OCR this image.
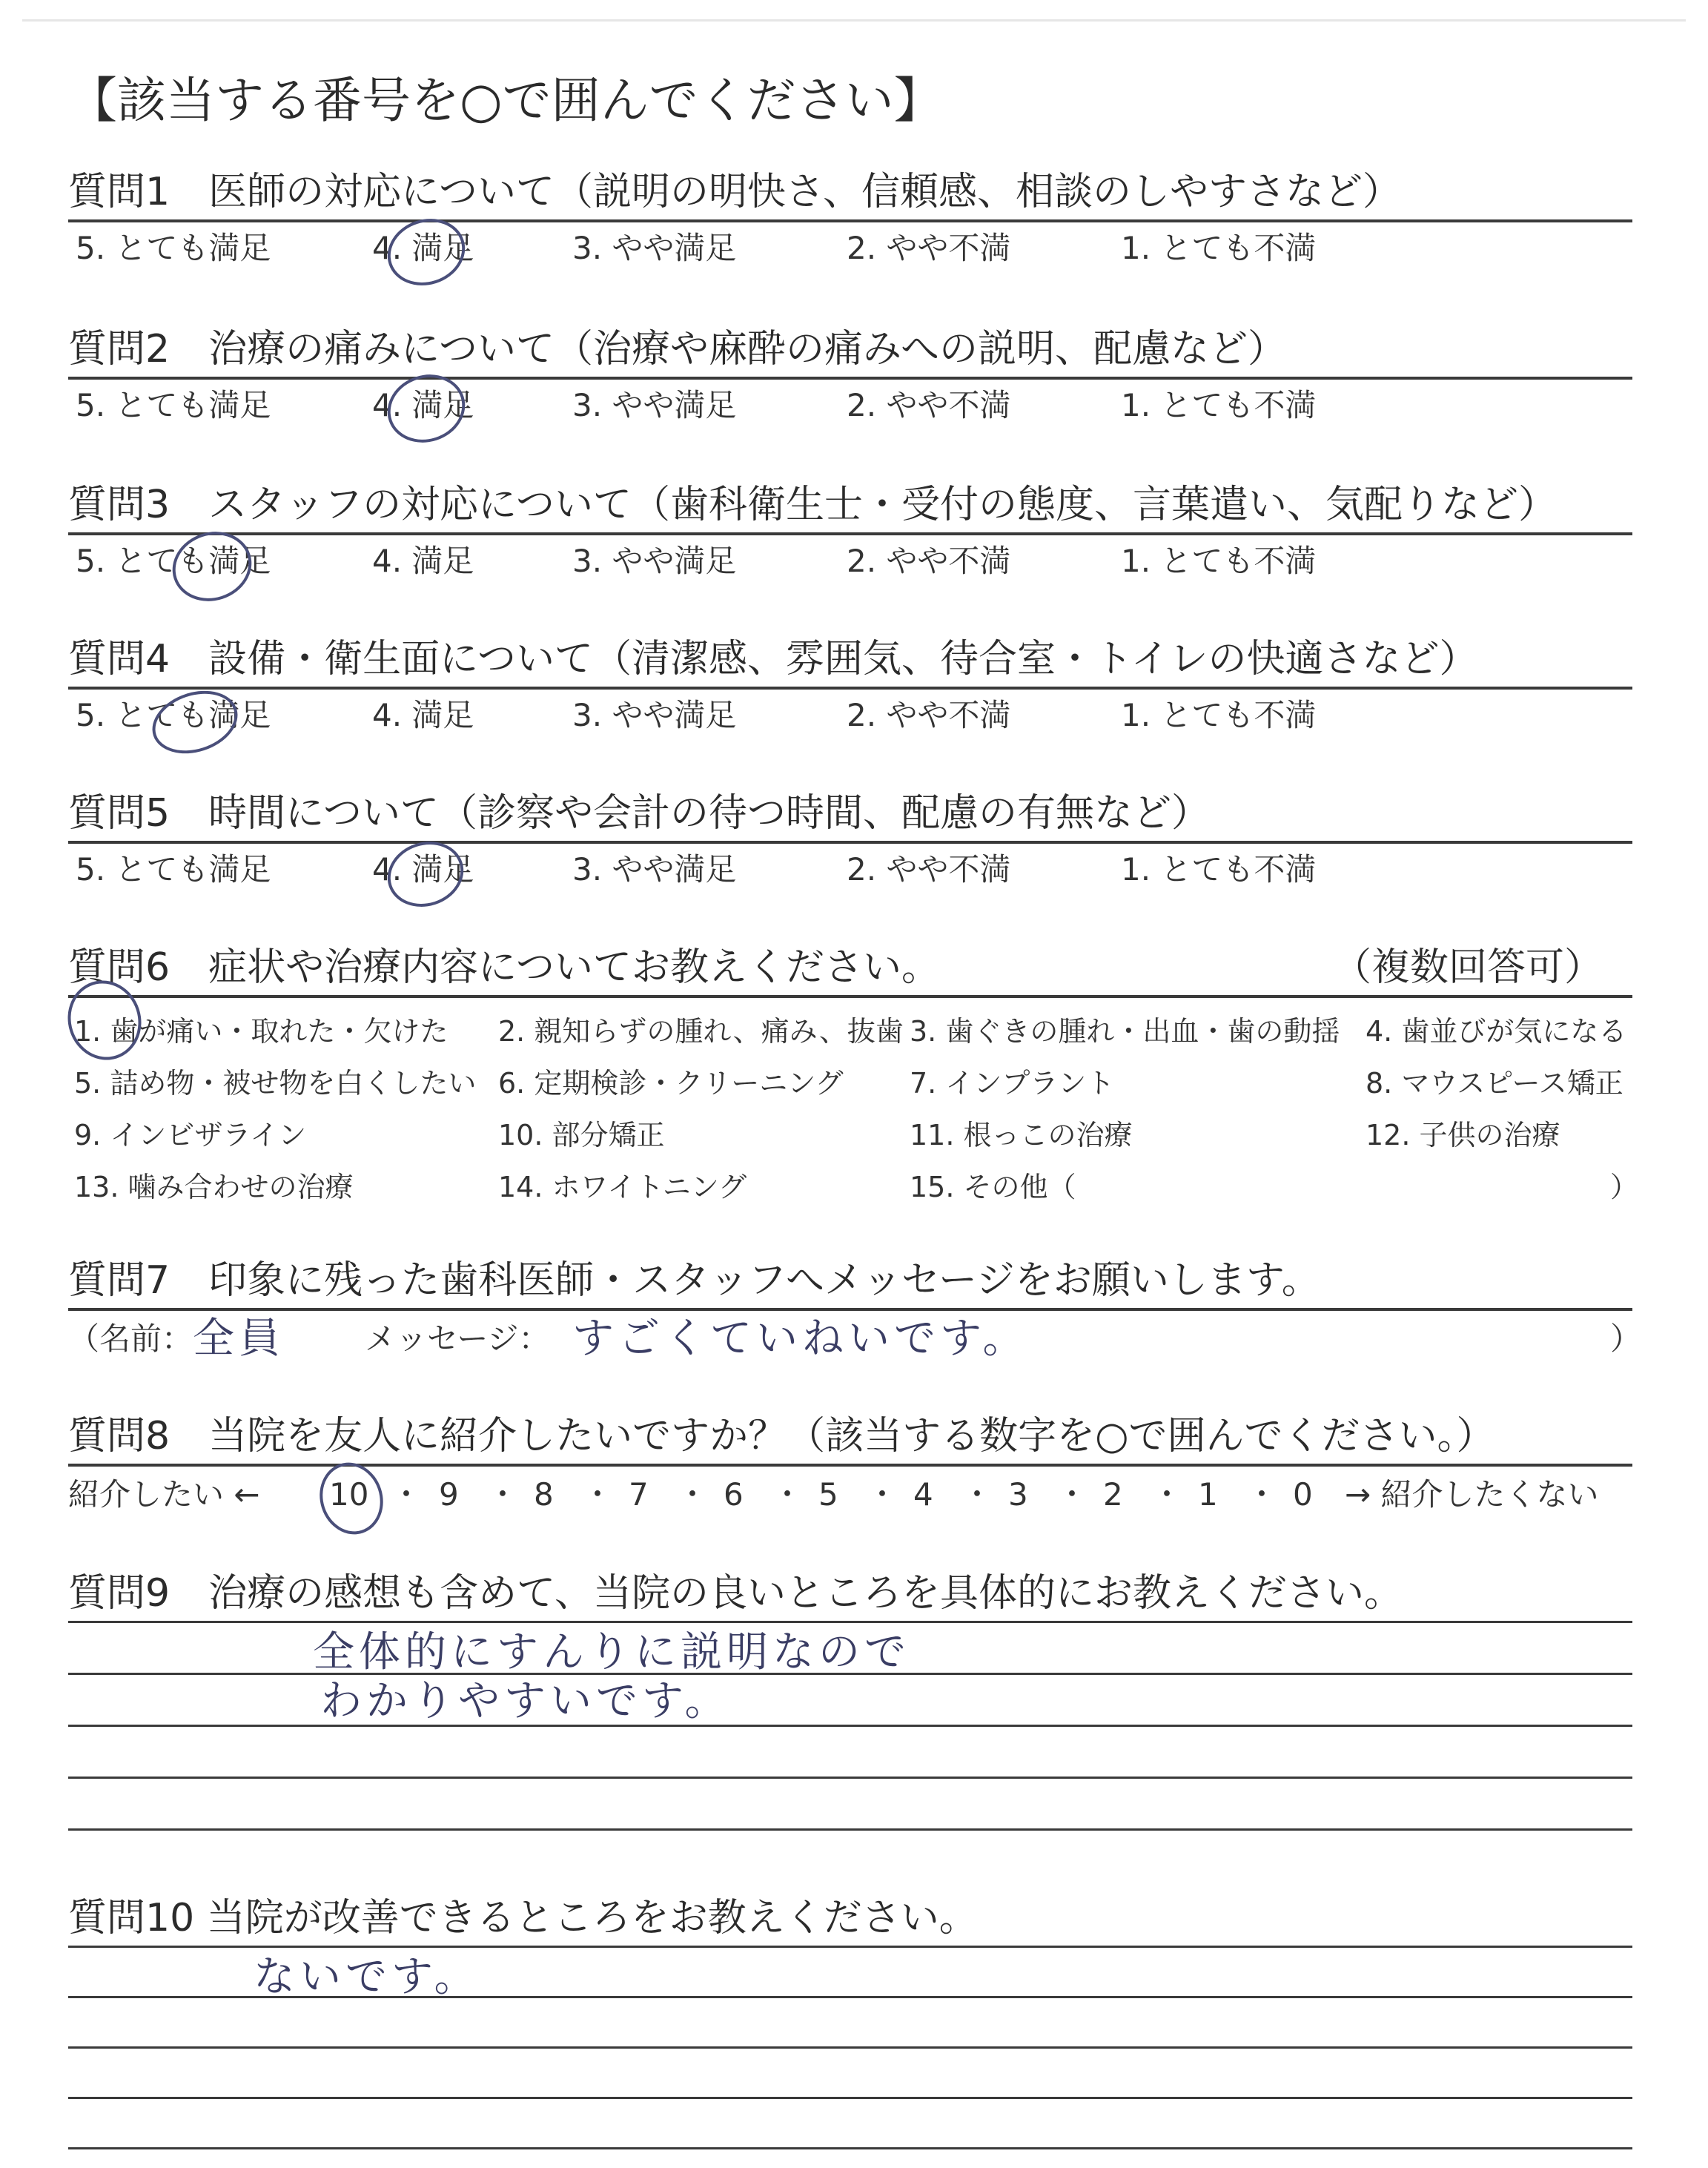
【該当する番号を○で囲んでください】
質問1　医師の対応について（説明の明快さ、信頼感、相談のしやすさなど）
5. とても満足	4. 満足	3. やや満足	2. やや不満	1. とても不満
質問2　治療の痛みについて（治療や麻酔の痛みへの説明、配慮など）
5. とても満足	4. 満足	3. やや満足	2. やや不満	1. とても不満
質問3　スタッフの対応について（歯科衛生士・受付の態度、言葉遣い、気配りなど）
5. とても満足	4. 満足	3. やや満足	2. やや不満	1. とても不満
質問4　設備・衛生面について（清潔感、雰囲気、待合室・トイレの快適さなど）
5. とても満足	4. 満足	3. やや満足	2. やや不満	1. とても不満
質問5　時間について（診察や会計の待つ時間、配慮の有無など）
5. とても満足	4. 満足	3. やや満足	2. やや不満	1. とても不満
質問6　症状や治療内容についてお教えください。	（複数回答可）
1. 歯が痛い・取れた・欠けた 2. 親知らずの腫れ、痛み、抜歯 3. 歯ぐきの腫れ・出血・歯の動揺 4. 歯並びが気になる
5. 詰め物・被せ物を白くしたい 6. 定期検診・クリーニング 7. インプラント	8. マウスピース矯正
9. インビザライン	10. 部分矯正	11. 根っこの治療	12. 子供の治療
13. 噛み合わせの治療	14. ホワイトニング	15. その他（	）
質問7　印象に残った歯科医師・スタッフへメッセージをお願いします。
（名前： 全員	メッセージ： すごくていねいです。	）
質問8　当院を友人に紹介したいですか？（該当する数字を○で囲んでください。）
紹介したい ← 10 ・ 9 ・ 8 ・ 7 ・ 6 ・ 5 ・ 4 ・ 3 ・ 2 ・ 1 ・ 0 → 紹介したくない
質問9　治療の感想も含めて、当院の良いところを具体的にお教えください。
全体的にすんりに説明なので
わかりやすいです。
質問10 当院が改善できるところをお教えください。
ないです。
